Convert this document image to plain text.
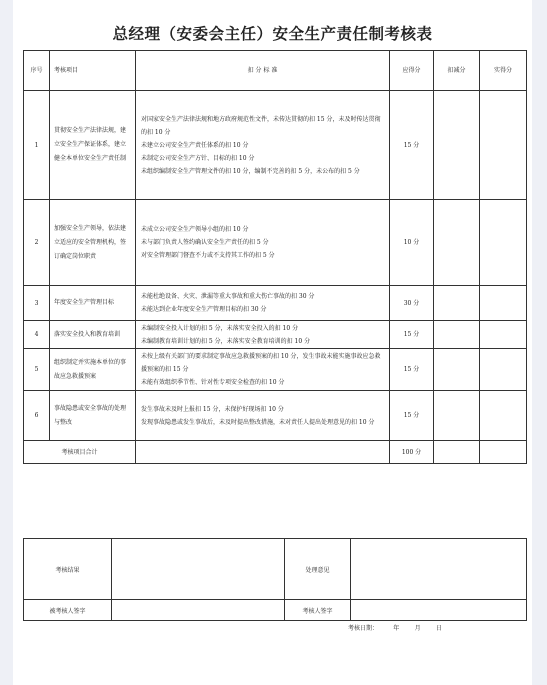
总经理（安委会主任）安全生产责任制考核表
序号	考核项目	扣 分 标 准	应得分	扣减分	实得分
1	贯彻安全生产法律法规，建立安全生产保证体系，建立健全本单位安全生产责任制	对国家安全生产法律法规和地方政府规范性文件，未传达贯彻的扣 15 分，未及时传达贯彻的扣 10 分
未建立公司安全生产责任体系的扣 10 分
未制定公司安全生产方针、目标的扣 10 分
未组织编制安全生产管理文件的扣 10 分，编制不完善的扣 5 分，未公布的扣 5 分	15 分		
2	加强安全生产领导，依法建立适应的安全管理机构，签订确定岗位职责	未成立公司安全生产领导小组的扣 10 分
未与部门负责人签约确认安全生产责任的扣 5 分
对安全管理部门督查不力或不支持其工作的扣 5 分	10 分		
3	年度安全生产管理目标	未能杜绝设备、火灾、泄漏等重大事故和重大伤亡事故的扣 30 分
未能达到企业年度安全生产管理目标的扣 30 分	30 分		
4	落实安全投入和教育培训	未编制安全投入计划的扣 5 分，未落实安全投入的扣 10 分
未编制教育培训计划的扣 5 分，未落实安全教育培训的扣 10 分	15 分		
5	组织制定并实施本单位的事故应急救援预案	未按上级有关部门的要求制定事故应急救援预案的扣 10 分，发生事故未能实施事故应急救援预案的扣 15 分
未能有效组织季节性、针对性专项安全检查的扣 10 分	15 分		
6	事故隐患或安全事故的处理与整改	发生事故未及时上报扣 15 分，未保护好现场扣 10 分
发现事故隐患或发生事故后，未及时提出整改措施，未对责任人提出处理意见的扣 10 分	15 分		
考核项目合计			100 分		
考核结果		处理意见	
被考核人签字		考核人签字	
考核日期：	年	月	日
